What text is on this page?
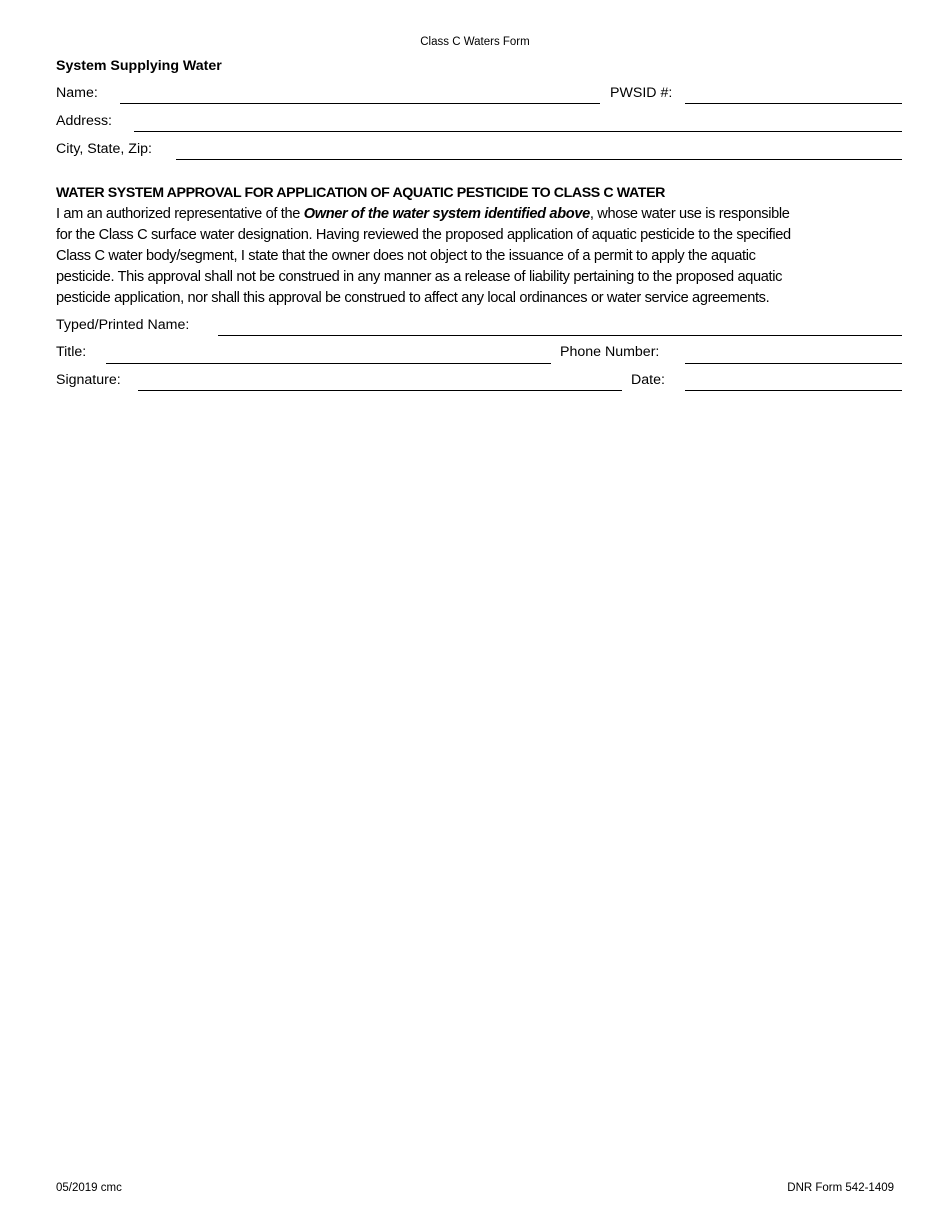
Class C Waters Form
System Supplying Water
Name:	PWSID #:
Address:
City, State, Zip:
WATER SYSTEM APPROVAL FOR APPLICATION OF AQUATIC PESTICIDE TO CLASS C WATER
I am an authorized representative of the Owner of the water system identified above, whose water use is responsible
for the Class C surface water designation. Having reviewed the proposed application of aquatic pesticide to the specified
Class C water body/segment, I state that the owner does not object to the issuance of a permit to apply the aquatic
pesticide. This approval shall not be construed in any manner as a release of liability pertaining to the proposed aquatic
pesticide application, nor shall this approval be construed to affect any local ordinances or water service agreements.
Typed/Printed Name:
Title:	Phone Number:
Signature:	Date:
05/2019 cmc	DNR Form 542-1409
